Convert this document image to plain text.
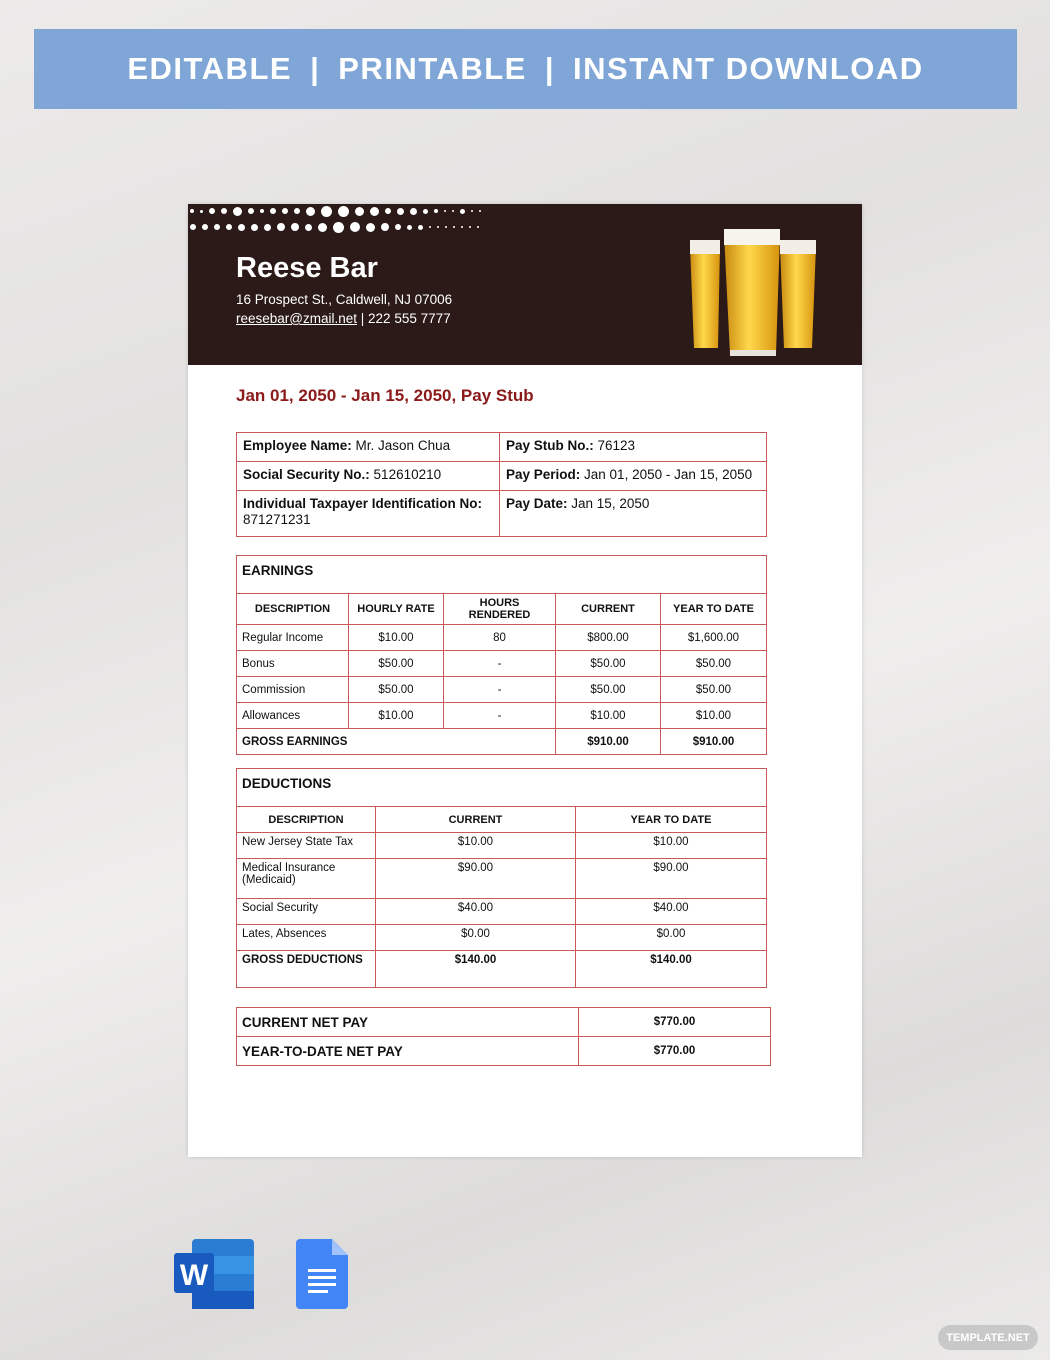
EDITABLE | PRINTABLE | INSTANT DOWNLOAD
Reese Bar
16 Prospect St., Caldwell, NJ 07006
reesebar@zmail.net | 222 555 7777
Jan 01, 2050 - Jan 15, 2050, Pay Stub
Employee Name: Mr. Jason Chua	Pay Stub No.: 76123
Social Security No.: 512610210	Pay Period: Jan 01, 2050 - Jan 15, 2050
Individual Taxpayer Identification No:
871271231	Pay Date: Jan 15, 2050
EARNINGS				
DESCRIPTION	HOURLY RATE	HOURS RENDERED	CURRENT	YEAR TO DATE
Regular Income	$10.00	80	$800.00	$1,600.00
Bonus	$50.00	-	$50.00	$50.00
Commission	$50.00	-	$50.00	$50.00
Allowances	$10.00	-	$10.00	$10.00
GROSS EARNINGS			$910.00	$910.00
DEDUCTIONS		
DESCRIPTION	CURRENT	YEAR TO DATE
New Jersey State Tax	$10.00	$10.00
Medical Insurance (Medicaid)	$90.00	$90.00
Social Security	$40.00	$40.00
Lates, Absences	$0.00	$0.00
GROSS DEDUCTIONS	$140.00	$140.00
CURRENT NET PAY	$770.00
YEAR-TO-DATE NET PAY	$770.00
W
TEMPLATE.NET
